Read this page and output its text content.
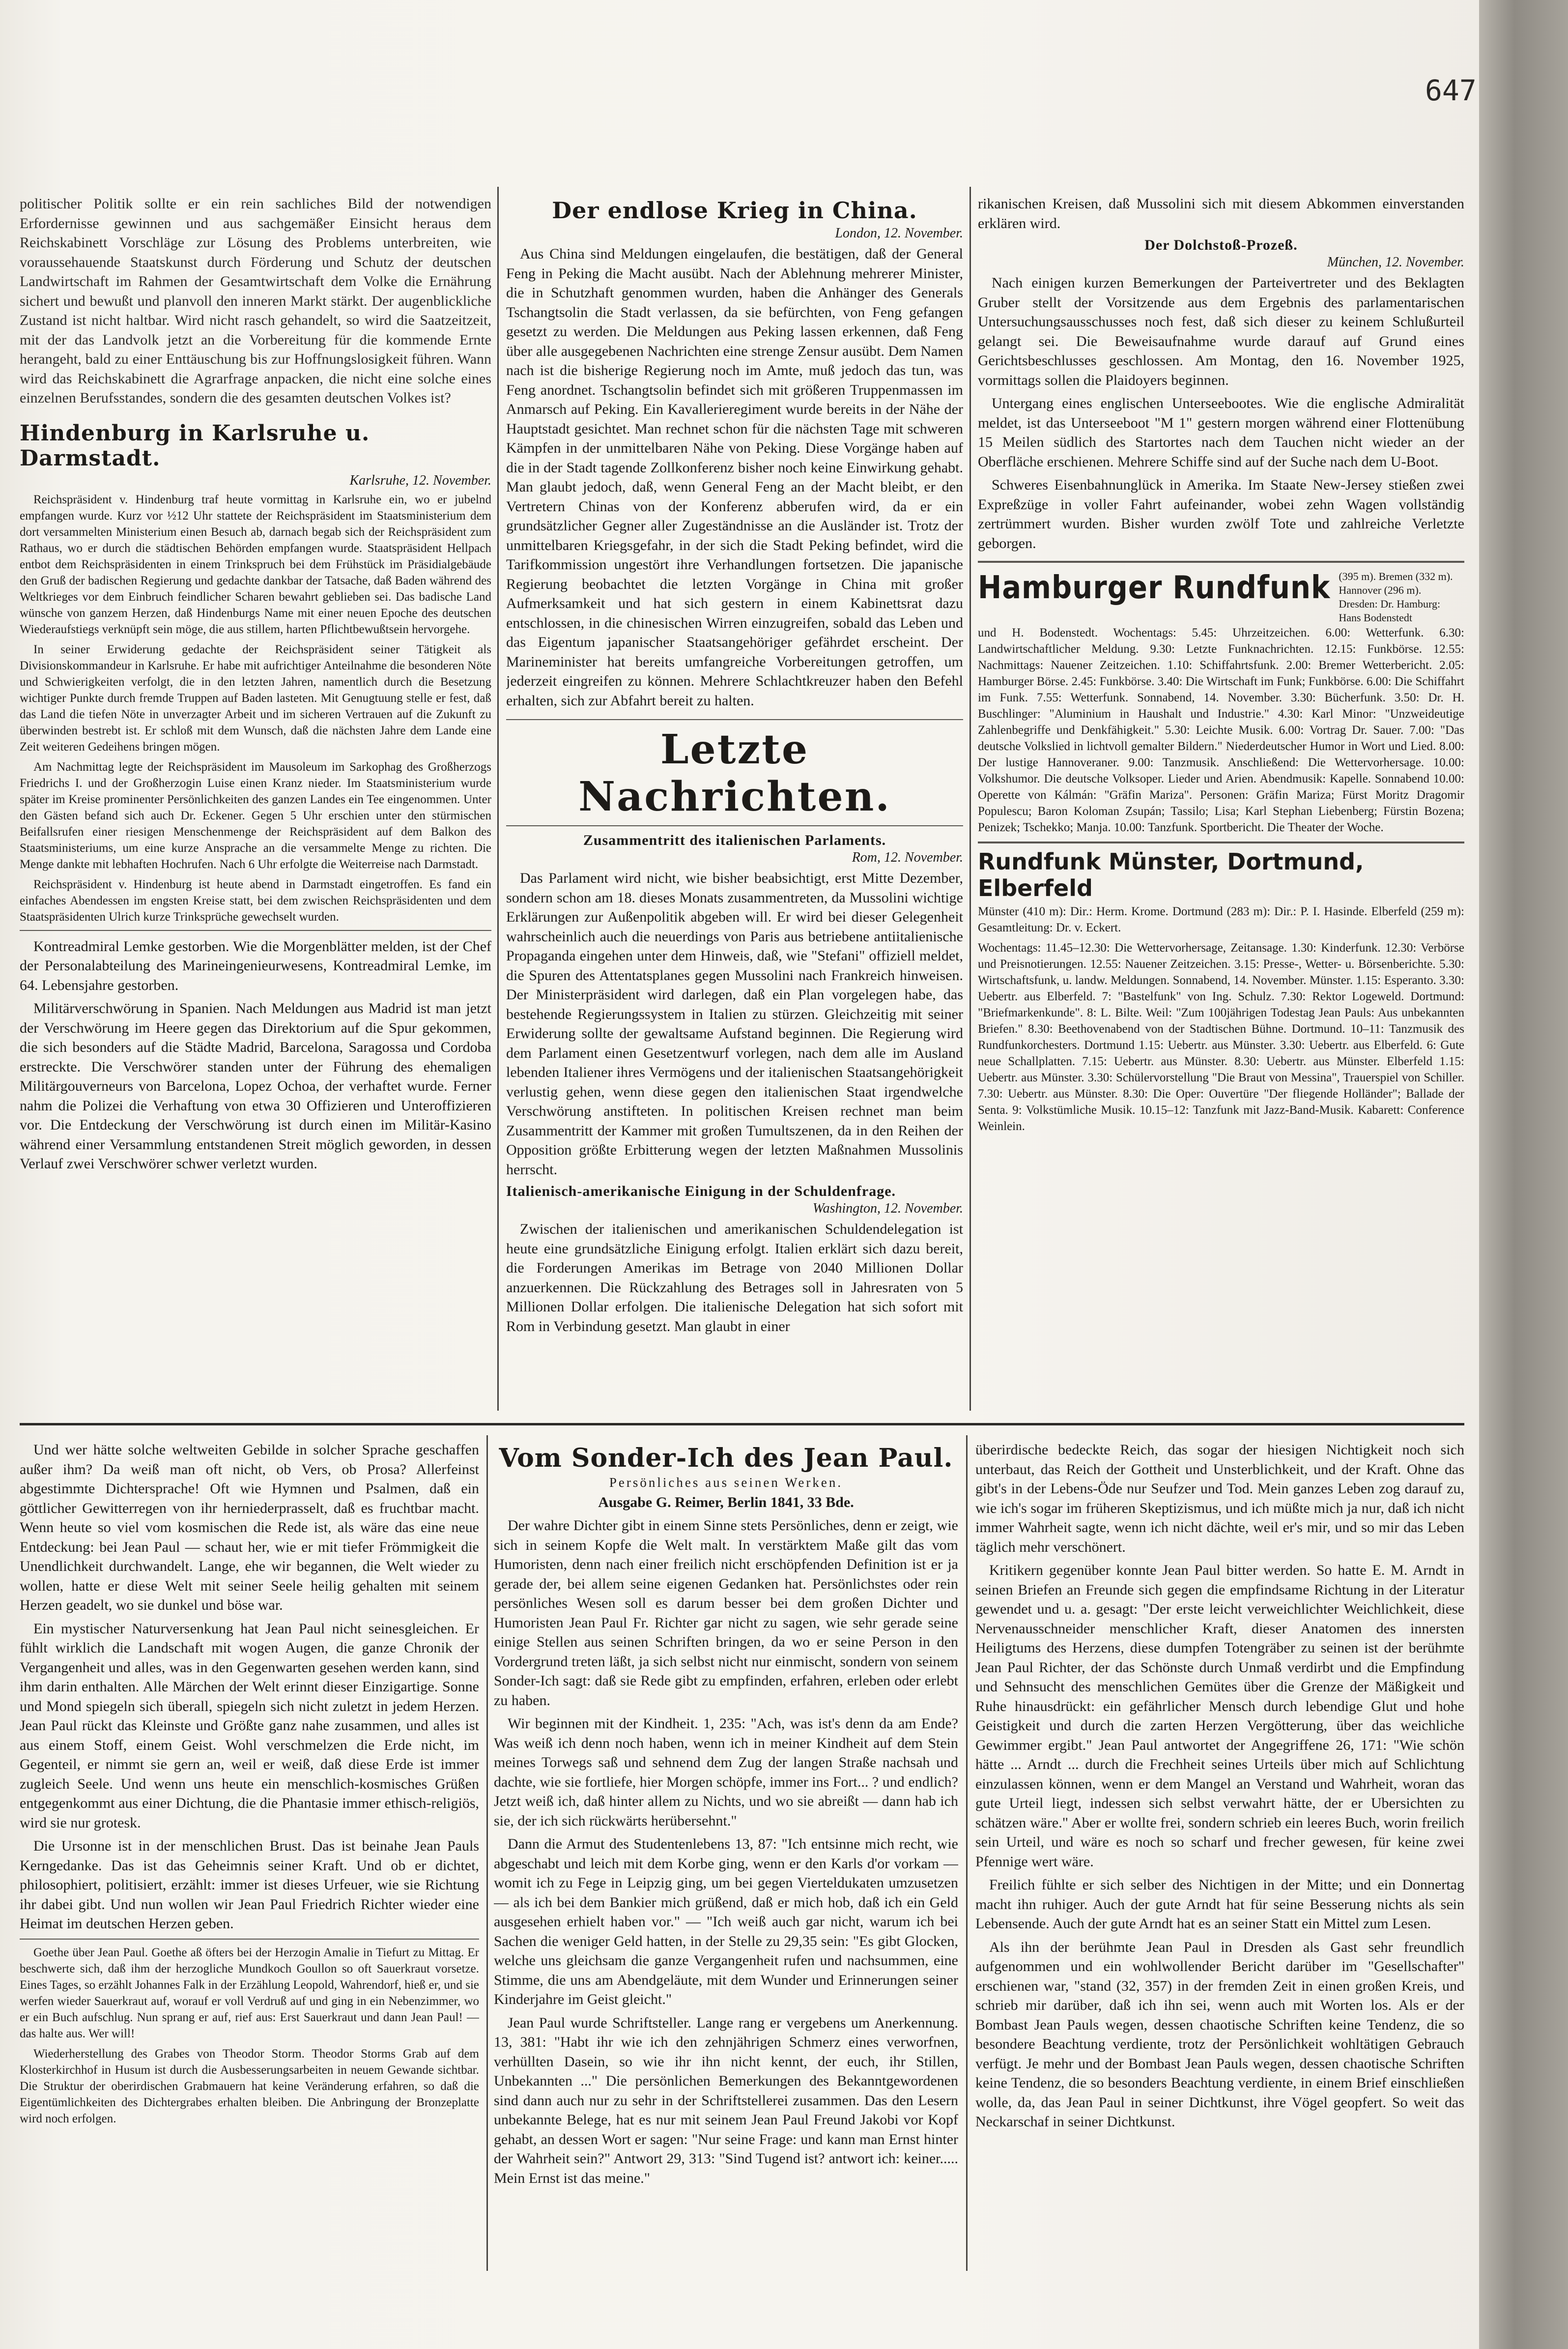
647

politischer Politik sollte er ein rein sachliches Bild der notwendigen Erfordernisse gewinnen und aus sachgemäßer Einsicht heraus dem Reichskabinett Vorschläge zur Lösung des Problems unterbreiten, wie voraussehauende Staatskunst durch Förderung und Schutz der deutschen Landwirtschaft im Rahmen der Gesamtwirtschaft dem Volke die Ernährung sichert und bewußt und planvoll den inneren Markt stärkt. Der augenblickliche Zustand ist nicht haltbar. Wird nicht rasch gehandelt, so wird die Saatzeitzeit, mit der das Landvolk jetzt an die Vorbereitung für die kommende Ernte herangeht, bald zu einer Enttäuschung bis zur Hoffnungslosigkeit führen. Wann wird das Reichskabinett die Agrarfrage anpacken, die nicht eine solche eines einzelnen Berufsstandes, sondern die des gesamten deutschen Volkes ist?

Hindenburg in Karlsruhe u. Darmstadt.
Karlsruhe, 12. November.

Reichspräsident v. Hindenburg traf heute vormittag in Karlsruhe ein, wo er jubelnd empfangen wurde. Kurz vor ½12 Uhr stattete der Reichspräsident im Staatsministerium dem dort versammelten Ministerium einen Besuch ab, darnach begab sich der Reichspräsident zum Rathaus, wo er durch die städtischen Behörden empfangen wurde. Staatspräsident Hellpach entbot dem Reichspräsidenten in einem Trinkspruch bei dem Frühstück im Präsidialgebäude den Gruß der badischen Regierung und gedachte dankbar der Tatsache, daß Baden während des Weltkrieges vor dem Einbruch feindlicher Scharen bewahrt geblieben sei. Das badische Land wünsche von ganzem Herzen, daß Hindenburgs Name mit einer neuen Epoche des deutschen Wiederaufstiegs verknüpft sein möge, die aus stillem, harten Pflichtbewußtsein hervorgehe.

In seiner Erwiderung gedachte der Reichspräsident seiner Tätigkeit als Divisionskommandeur in Karlsruhe. Er habe mit aufrichtiger Anteilnahme die besonderen Nöte und Schwierigkeiten verfolgt, die in den letzten Jahren, namentlich durch die Besetzung wichtiger Punkte durch fremde Truppen auf Baden lasteten. Mit Genugtuung stelle er fest, daß das Land die tiefen Nöte in unverzagter Arbeit und im sicheren Vertrauen auf die Zukunft zu überwinden bestrebt ist. Er schloß mit dem Wunsch, daß die nächsten Jahre dem Lande eine Zeit weiteren Gedeihens bringen mögen.

Am Nachmittag legte der Reichspräsident im Mausoleum im Sarkophag des Großherzogs Friedrichs I. und der Großherzogin Luise einen Kranz nieder. Im Staatsministerium wurde später im Kreise prominenter Persönlichkeiten des ganzen Landes ein Tee eingenommen. Unter den Gästen befand sich auch Dr. Eckener. Gegen 5 Uhr erschien unter den stürmischen Beifallsrufen einer riesigen Menschenmenge der Reichspräsident auf dem Balkon des Staatsministeriums, um eine kurze Ansprache an die versammelte Menge zu richten. Die Menge dankte mit lebhaften Hochrufen. Nach 6 Uhr erfolgte die Weiterreise nach Darmstadt.

Reichspräsident v. Hindenburg ist heute abend in Darmstadt eingetroffen. Es fand ein einfaches Abendessen im engsten Kreise statt, bei dem zwischen Reichspräsidenten und dem Staatspräsidenten Ulrich kurze Trinksprüche gewechselt wurden.

Kontreadmiral Lemke gestorben. Wie die Morgenblätter melden, ist der Chef der Personalabteilung des Marineingenieurwesens, Kontreadmiral Lemke, im 64. Lebensjahre gestorben.

Militärverschwörung in Spanien. Nach Meldungen aus Madrid ist man jetzt der Verschwörung im Heere gegen das Direktorium auf die Spur gekommen, die sich besonders auf die Städte Madrid, Barcelona, Saragossa und Cordoba erstreckte. Die Verschwörer standen unter der Führung des ehemaligen Militärgouverneurs von Barcelona, Lopez Ochoa, der verhaftet wurde. Ferner nahm die Polizei die Verhaftung von etwa 30 Offizieren und Unteroffizieren vor. Die Entdeckung der Verschwörung ist durch einen im Militär-Kasino während einer Versammlung entstandenen Streit möglich geworden, in dessen Verlauf zwei Verschwörer schwer verletzt wurden.

Der endlose Krieg in China.
London, 12. November.

Aus China sind Meldungen eingelaufen, die bestätigen, daß der General Feng in Peking die Macht ausübt. Nach der Ablehnung mehrerer Minister, die in Schutzhaft genommen wurden, haben die Anhänger des Generals Tschangtsolin die Stadt verlassen, da sie befürchten, von Feng gefangen gesetzt zu werden. Die Meldungen aus Peking lassen erkennen, daß Feng über alle ausgegebenen Nachrichten eine strenge Zensur ausübt. Dem Namen nach ist die bisherige Regierung noch im Amte, muß jedoch das tun, was Feng anordnet. Tschangtsolin befindet sich mit größeren Truppenmassen im Anmarsch auf Peking. Ein Kavallerieregiment wurde bereits in der Nähe der Hauptstadt gesichtet. Man rechnet schon für die nächsten Tage mit schweren Kämpfen in der unmittelbaren Nähe von Peking. Diese Vorgänge haben auf die in der Stadt tagende Zollkonferenz bisher noch keine Einwirkung gehabt. Man glaubt jedoch, daß, wenn General Feng an der Macht bleibt, er den Vertretern Chinas von der Konferenz abberufen wird, da er ein grundsätzlicher Gegner aller Zugeständnisse an die Ausländer ist. Trotz der unmittelbaren Kriegsgefahr, in der sich die Stadt Peking befindet, wird die Tarifkommission ungestört ihre Verhandlungen fortsetzen. Die japanische Regierung beobachtet die letzten Vorgänge in China mit großer Aufmerksamkeit und hat sich gestern in einem Kabinettsrat dazu entschlossen, in die chinesischen Wirren einzugreifen, sobald das Leben und das Eigentum japanischer Staatsangehöriger gefährdet erscheint. Der Marineminister hat bereits umfangreiche Vorbereitungen getroffen, um jederzeit eingreifen zu können. Mehrere Schlachtkreuzer haben den Befehl erhalten, sich zur Abfahrt bereit zu halten.

Letzte Nachrichten.
Zusammentritt des italienischen Parlaments.
Rom, 12. November.

Das Parlament wird nicht, wie bisher beabsichtigt, erst Mitte Dezember, sondern schon am 18. dieses Monats zusammentreten, da Mussolini wichtige Erklärungen zur Außenpolitik abgeben will. Er wird bei dieser Gelegenheit wahrscheinlich auch die neuerdings von Paris aus betriebene antiitalienische Propaganda eingehen unter dem Hinweis, daß, wie "Stefani" offiziell meldet, die Spuren des Attentatsplanes gegen Mussolini nach Frankreich hinweisen. Der Ministerpräsident wird darlegen, daß ein Plan vorgelegen habe, das bestehende Regierungssystem in Italien zu stürzen. Gleichzeitig mit seiner Erwiderung sollte der gewaltsame Aufstand beginnen. Die Regierung wird dem Parlament einen Gesetzentwurf vorlegen, nach dem alle im Ausland lebenden Italiener ihres Vermögens und der italienischen Staatsangehörigkeit verlustig gehen, wenn diese gegen den italienischen Staat irgendwelche Verschwörung anstifteten. In politischen Kreisen rechnet man beim Zusammentritt der Kammer mit großen Tumultszenen, da in den Reihen der Opposition größte Erbitterung wegen der letzten Maßnahmen Mussolinis herrscht.

Italienisch-amerikanische Einigung in der Schuldenfrage.
Washington, 12. November.

Zwischen der italienischen und amerikanischen Schuldendelegation ist heute eine grundsätzliche Einigung erfolgt. Italien erklärt sich dazu bereit, die Forderungen Amerikas im Betrage von 2040 Millionen Dollar anzuerkennen. Die Rückzahlung des Betrages soll in Jahresraten von 5 Millionen Dollar erfolgen. Die italienische Delegation hat sich sofort mit Rom in Verbindung gesetzt. Man glaubt in einer

rikanischen Kreisen, daß Mussolini sich mit diesem Abkommen einverstanden erklären wird.

Der Dolchstoß-Prozeß.
München, 12. November.

Nach einigen kurzen Bemerkungen der Parteivertreter und des Beklagten Gruber stellt der Vorsitzende aus dem Ergebnis des parlamentarischen Untersuchungsausschusses noch fest, daß sich dieser zu keinem Schlußurteil gelangt sei. Die Beweisaufnahme wurde darauf auf Grund eines Gerichtsbeschlusses geschlossen. Am Montag, den 16. November 1925, vormittags sollen die Plaidoyers beginnen.

Untergang eines englischen Unterseebootes. Wie die englische Admiralität meldet, ist das Unterseeboot "M 1" gestern morgen während einer Flottenübung 15 Meilen südlich des Startortes nach dem Tauchen nicht wieder an der Oberfläche erschienen. Mehrere Schiffe sind auf der Suche nach dem U-Boot.

Schweres Eisenbahnunglück in Amerika. Im Staate New-Jersey stießen zwei Expreßzüge in voller Fahrt aufeinander, wobei zehn Wagen vollständig zertrümmert wurden. Bisher wurden zwölf Tote und zahlreiche Verletzte geborgen.

Hamburger Rundfunk (395 m). Bremen (332 m). Hannover (296 m). Dresden: Dr. Hamburg: Hans Bodenstedt

und H. Bodenstedt. Wochentags: 5.45: Uhrzeitzeichen. 6.00: Wetterfunk. 6.30: Landwirtschaftlicher Meldung. 9.30: Letzte Funknachrichten. 12.15: Funkbörse. 12.55: Nachmittags: Nauener Zeitzeichen. 1.10: Schiffahrtsfunk. 2.00: Bremer Wetterbericht. 2.05: Hamburger Börse. 2.45: Funkbörse. 3.40: Die Wirtschaft im Funk; Funkbörse. 6.00: Die Schiffahrt im Funk. 7.55: Wetterfunk. Sonnabend, 14. November. 3.30: Bücherfunk. 3.50: Dr. H. Buschlinger: "Aluminium in Haushalt und Industrie." 4.30: Karl Minor: "Unzweideutige Zahlenbegriffe und Denkfähigkeit." 5.30: Leichte Musik. 6.00: Vortrag Dr. Sauer. 7.00: "Das deutsche Volkslied in lichtvoll gemalter Bildern." Niederdeutscher Humor in Wort und Lied. 8.00: Der lustige Hannoveraner. 9.00: Tanzmusik. Anschließend: Die Wettervorhersage. 10.00: Volkshumor. Die deutsche Volksoper. Lieder und Arien. Abendmusik: Kapelle. Sonnabend 10.00: Operette von Kálmán: "Gräfin Mariza". Personen: Gräfin Mariza; Fürst Moritz Dragomir Populescu; Baron Koloman Zsupán; Tassilo; Lisa; Karl Stephan Liebenberg; Fürstin Bozena; Penizek; Tschekko; Manja. 10.00: Tanzfunk. Sportbericht. Die Theater der Woche.

Rundfunk Münster, Dortmund, Elberfeld

Münster (410 m): Dir.: Herm. Krome. Dortmund (283 m): Dir.: P. I. Hasinde. Elberfeld (259 m): Gesamtleitung: Dr. v. Eckert.

Wochentags: 11.45–12.30: Die Wettervorhersage, Zeitansage. 1.30: Kinderfunk. 12.30: Verbörse und Preisnotierungen. 12.55: Nauener Zeitzeichen. 3.15: Presse-, Wetter- u. Börsenberichte. 5.30: Wirtschaftsfunk, u. landw. Meldungen. Sonnabend, 14. November. Münster. 1.15: Esperanto. 3.30: Uebertr. aus Elberfeld. 7: "Bastelfunk" von Ing. Schulz. 7.30: Rektor Logeweld. Dortmund: "Briefmarkenkunde". 8: L. Bilte. Weil: "Zum 100jährigen Todestag Jean Pauls: Aus unbekannten Briefen." 8.30: Beethovenabend von der Stadtischen Bühne. Dortmund. 10–11: Tanzmusik des Rundfunkorchesters. Dortmund 1.15: Uebertr. aus Münster. 3.30: Uebertr. aus Elberfeld. 6: Gute neue Schallplatten. 7.15: Uebertr. aus Münster. 8.30: Uebertr. aus Münster. Elberfeld 1.15: Uebertr. aus Münster. 3.30: Schülervorstellung "Die Braut von Messina", Trauerspiel von Schiller. 7.30: Uebertr. aus Münster. 8.30: Die Oper: Ouvertüre "Der fliegende Holländer"; Ballade der Senta. 9: Volkstümliche Musik. 10.15–12: Tanzfunk mit Jazz-Band-Musik. Kabarett: Conference Weinlein.

Und wer hätte solche weltweiten Gebilde in solcher Sprache geschaffen außer ihm? Da weiß man oft nicht, ob Vers, ob Prosa? Allerfeinst abgestimmte Dichtersprache! Oft wie Hymnen und Psalmen, daß ein göttlicher Gewitterregen von ihr herniederprasselt, daß es fruchtbar macht. Wenn heute so viel vom kosmischen die Rede ist, als wäre das eine neue Entdeckung: bei Jean Paul — schaut her, wie er mit tiefer Frömmigkeit die Unendlichkeit durchwandelt. Lange, ehe wir begannen, die Welt wieder zu wollen, hatte er diese Welt mit seiner Seele heilig gehalten mit seinem Herzen geadelt, wo sie dunkel und böse war.

Ein mystischer Naturversenkung hat Jean Paul nicht seinesgleichen. Er fühlt wirklich die Landschaft mit wogen Augen, die ganze Chronik der Vergangenheit und alles, was in den Gegenwarten gesehen werden kann, sind ihm darin enthalten. Alle Märchen der Welt erinnt dieser Einzigartige. Sonne und Mond spiegeln sich überall, spiegeln sich nicht zuletzt in jedem Herzen. Jean Paul rückt das Kleinste und Größte ganz nahe zusammen, und alles ist aus einem Stoff, einem Geist. Wohl verschmelzen die Erde nicht, im Gegenteil, er nimmt sie gern an, weil er weiß, daß diese Erde ist immer zugleich Seele. Und wenn uns heute ein menschlich-kosmisches Grüßen entgegenkommt aus einer Dichtung, die die Phantasie immer ethisch-religiös, wird sie nur grotesk.

Die Ursonne ist in der menschlichen Brust. Das ist beinahe Jean Pauls Kerngedanke. Das ist das Geheimnis seiner Kraft. Und ob er dichtet, philosophiert, politisiert, erzählt: immer ist dieses Urfeuer, wie sie Richtung ihr dabei gibt. Und nun wollen wir Jean Paul Friedrich Richter wieder eine Heimat im deutschen Herzen geben.

Goethe über Jean Paul. Goethe aß öfters bei der Herzogin Amalie in Tiefurt zu Mittag. Er beschwerte sich, daß ihm der herzogliche Mundkoch Goullon so oft Sauerkraut vorsetze. Eines Tages, so erzählt Johannes Falk in der Erzählung Leopold, Wahrendorf, hieß er, und sie werfen wieder Sauerkraut auf, worauf er voll Verdruß auf und ging in ein Nebenzimmer, wo er ein Buch aufschlug. Nun sprang er auf, rief aus: Erst Sauerkraut und dann Jean Paul! — das halte aus. Wer will!

Wiederherstellung des Grabes von Theodor Storm. Theodor Storms Grab auf dem Klosterkirchhof in Husum ist durch die Ausbesserungsarbeiten in neuem Gewande sichtbar. Die Struktur der oberirdischen Grabmauern hat keine Veränderung erfahren, so daß die Eigentümlichkeiten des Dichtergrabes erhalten bleiben. Die Anbringung der Bronzeplatte wird noch erfolgen.

Vom Sonder-Ich des Jean Paul.
Persönliches aus seinen Werken.
Ausgabe G. Reimer, Berlin 1841, 33 Bde.

Der wahre Dichter gibt in einem Sinne stets Persönliches, denn er zeigt, wie sich in seinem Kopfe die Welt malt. In verstärktem Maße gilt das vom Humoristen, denn nach einer freilich nicht erschöpfenden Definition ist er ja gerade der, bei allem seine eigenen Gedanken hat. Persönlichstes oder rein persönliches Wesen soll es darum besser bei dem großen Dichter und Humoristen Jean Paul Fr. Richter gar nicht zu sagen, wie sehr gerade seine einige Stellen aus seinen Schriften bringen, da wo er seine Person in den Vordergrund treten läßt, ja sich selbst nicht nur einmischt, sondern von seinem Sonder-Ich sagt: daß sie Rede gibt zu empfinden, erfahren, erleben oder erlebt zu haben.

Wir beginnen mit der Kindheit. 1, 235: "Ach, was ist's denn da am Ende? Was weiß ich denn noch haben, wenn ich in meiner Kindheit auf dem Stein meines Torwegs saß und sehnend dem Zug der langen Straße nachsah und dachte, wie sie fortliefe, hier Morgen schöpfe, immer ins Fort... ? und endlich? Jetzt weiß ich, daß hinter allem zu Nichts, und wo sie abreißt — dann hab ich sie, der ich sich rückwärts herübersehnt."

Dann die Armut des Studentenlebens 13, 87: "Ich entsinne mich recht, wie abgeschabt und leich mit dem Korbe ging, wenn er den Karls d'or vorkam — womit ich zu Fege in Leipzig ging, um bei gegen Vierteldukaten umzusetzen — als ich bei dem Bankier mich grüßend, daß er mich hob, daß ich ein Geld ausgesehen erhielt haben vor." — "Ich weiß auch gar nicht, warum ich bei Sachen die weniger Geld hatten, in der Stelle zu 29,35 sein: "Es gibt Glocken, welche uns gleichsam die ganze Vergangenheit rufen und nachsummen, eine Stimme, die uns am Abendgeläute, mit dem Wunder und Erinnerungen seiner Kinderjahre im Geist gleicht."

Jean Paul wurde Schriftsteller. Lange rang er vergebens um Anerkennung. 13, 381: "Habt ihr wie ich den zehnjährigen Schmerz eines verworfnen, verhüllten Dasein, so wie ihr ihn nicht kennt, der euch, ihr Stillen, Unbekannten ..." Die persönlichen Bemerkungen des Bekanntgewordenen sind dann auch nur zu sehr in der Schriftstellerei zusammen. Das den Lesern unbekannte Belege, hat es nur mit seinem Jean Paul Freund Jakobi vor Kopf gehabt, an dessen Wort er sagen: "Nur seine Frage: und kann man Ernst hinter der Wahrheit sein?" Antwort 29, 313: "Sind Tugend ist? antwort ich: keiner..... Mein Ernst ist das meine."

überirdische bedeckte Reich, das sogar der hiesigen Nichtigkeit noch sich unterbaut, das Reich der Gottheit und Unsterblichkeit, und der Kraft. Ohne das gibt's in der Lebens-Öde nur Seufzer und Tod. Mein ganzes Leben zog darauf zu, wie ich's sogar im früheren Skeptizismus, und ich müßte mich ja nur, daß ich nicht immer Wahrheit sagte, wenn ich nicht dächte, weil er's mir, und so mir das Leben täglich mehr verschönert.

Kritikern gegenüber konnte Jean Paul bitter werden. So hatte E. M. Arndt in seinen Briefen an Freunde sich gegen die empfindsame Richtung in der Literatur gewendet und u. a. gesagt: "Der erste leicht verweichlichter Weichlichkeit, diese Nervenausschneider menschlicher Kraft, dieser Anatomen des innersten Heiligtums des Herzens, diese dumpfen Totengräber zu seinen ist der berühmte Jean Paul Richter, der das Schönste durch Unmaß verdirbt und die Empfindung und Sehnsucht des menschlichen Gemütes über die Grenze der Mäßigkeit und Ruhe hinausdrückt: ein gefährlicher Mensch durch lebendige Glut und hohe Geistigkeit und durch die zarten Herzen Vergötterung, über das weichliche Gewimmer ergibt." Jean Paul antwortet der Angegriffene 26, 171: "Wie schön hätte ... Arndt ... durch die Frechheit seines Urteils über mich auf Schlichtung einzulassen können, wenn er dem Mangel an Verstand und Wahrheit, woran das gute Urteil liegt, indessen sich selbst verwahrt hätte, der er Ubersichten zu schätzen wäre." Aber er wollte frei, sondern schrieb ein leeres Buch, worin freilich sein Urteil, und wäre es noch so scharf und frecher gewesen, für keine zwei Pfennige wert wäre.

Freilich fühlte er sich selber des Nichtigen in der Mitte; und ein Donnertag macht ihn ruhiger. Auch der gute Arndt hat für seine Besserung nichts als sein Lebensende. Auch der gute Arndt hat es an seiner Statt ein Mittel zum Lesen.

Als ihn der berühmte Jean Paul in Dresden als Gast sehr freundlich aufgenommen und ein wohlwollender Bericht darüber im "Gesellschafter" erschienen war, "stand (32, 357) in der fremden Zeit in einen großen Kreis, und schrieb mir darüber, daß ich ihn sei, wenn auch mit Worten los. Als er der Bombast Jean Pauls wegen, dessen chaotische Schriften keine Tendenz, die so besondere Beachtung verdiente, trotz der Persönlichkeit wohltätigen Gebrauch verfügt. Je mehr und der Bombast Jean Pauls wegen, dessen chaotische Schriften keine Tendenz, die so besonders Beachtung verdiente, in einem Brief einschließen wolle, da, das Jean Paul in seiner Dichtkunst, ihre Vögel geopfert. So weit das Neckarschaf in seiner Dichtkunst.
